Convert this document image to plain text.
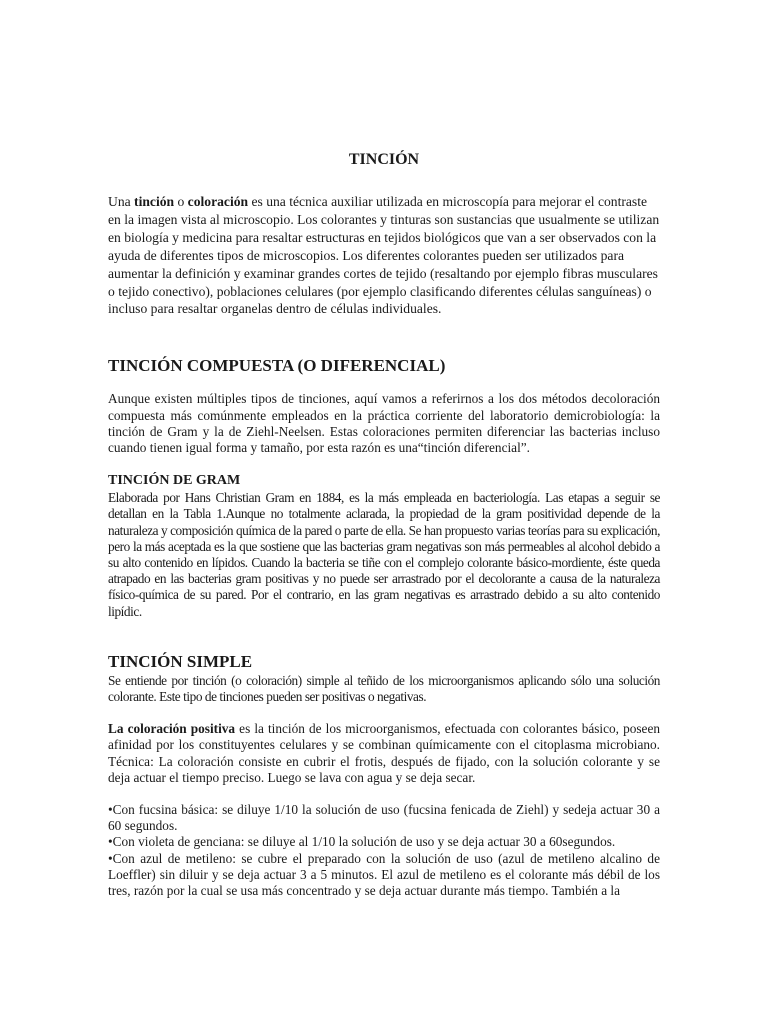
TINCIÓN

Una tinción o coloración es una técnica auxiliar utilizada en microscopía para mejorar el contraste en la imagen vista al microscopio. Los colorantes y tinturas son sustancias que usualmente se utilizan en biología y medicina para resaltar estructuras en tejidos biológicos que van a ser observados con la ayuda de diferentes tipos de microscopios. Los diferentes colorantes pueden ser utilizados para aumentar la definición y examinar grandes cortes de tejido (resaltando por ejemplo fibras musculares o tejido conectivo), poblaciones celulares (por ejemplo clasificando diferentes células sanguíneas) o incluso para resaltar organelas dentro de células individuales.

TINCIÓN COMPUESTA (O DIFERENCIAL)

Aunque existen múltiples tipos de tinciones, aquí vamos a referirnos a los dos métodos decoloración compuesta más comúnmente empleados en la práctica corriente del laboratorio demicrobiología: la tinción de Gram y la de Ziehl-Neelsen. Estas coloraciones permiten diferenciar las bacterias incluso cuando tienen igual forma y tamaño, por esta razón es una“tinción diferencial”.

TINCIÓN DE GRAM

Elaborada por Hans Christian Gram en 1884, es la más empleada en bacteriología. Las etapas a seguir se detallan en la Tabla 1.Aunque no totalmente aclarada, la propiedad de la gram positividad depende de la naturaleza y composición química de la pared o parte de ella. Se han propuesto varias teorías para su explicación, pero la más aceptada es la que sostiene que las bacterias gram negativas son más permeables al alcohol debido a su alto contenido en lípidos. Cuando la bacteria se tiñe con el complejo colorante básico-mordiente, éste queda atrapado en las bacterias gram positivas y no puede ser arrastrado por el decolorante a causa de la naturaleza físico-química de su pared. Por el contrario, en las gram negativas es arrastrado debido a su alto contenido lipídic.

TINCIÓN SIMPLE

Se entiende por tinción (o coloración) simple al teñido de los microorganismos aplicando sólo una solución colorante. Este tipo de tinciones pueden ser positivas o negativas.

La coloración positiva es la tinción de los microorganismos, efectuada con colorantes básico, poseen afinidad por los constituyentes celulares y se combinan químicamente con el citoplasma microbiano. Técnica: La coloración consiste en cubrir el frotis, después de fijado, con la solución colorante y se deja actuar el tiempo preciso. Luego se lava con agua y se deja secar.

•Con fucsina básica: se diluye 1/10 la solución de uso (fucsina fenicada de Ziehl) y sedeja actuar 30 a 60 segundos.

•Con violeta de genciana: se diluye al 1/10 la solución de uso y se deja actuar 30 a 60segundos.

•Con azul de metileno: se cubre el preparado con la solución de uso (azul de metileno alcalino de Loeffler) sin diluir y se deja actuar 3 a 5 minutos. El azul de metileno es el colorante más débil de los tres, razón por la cual se usa más concentrado y se deja actuar durante más tiempo. También a la
